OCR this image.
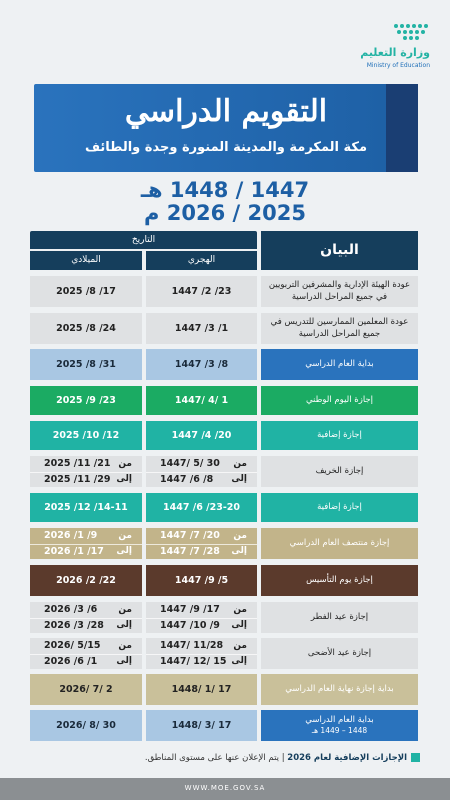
وزارة التعليم
Ministry of Education
التقويم الدراسي
مكة المكرمة والمدينة المنورة وجدة والطائف
1447 / 1448 هـ
2025 / 2026 م
التاريخ
الهجري
الميلادي
البيان
عودة الهيئة الإدارية والمشرفين التربويين في جميع المراحل الدراسية
1447 /2 /23
2025 /8 /17
عودة المعلمين الممارسين للتدريس في جميع المراحل الدراسية
1447 /3 /1
2025 /8 /24
بداية العام الدراسي
1447 /3 /8
2025 /8 /31
إجازة اليوم الوطني
1447/ 4/ 1
2025 /9 /23
إجازة إضافية
1447 /4 /20
2025 /10 /12
إجازة الخريف
من
1447/ 5/ 30
إلى
1447 /6 /8
من
2025 /11 /21
إلى
2025 /11 /29
إجازة إضافية
1447 /6 /23-20
2025 /12 /14-11
إجازة منتصف العام الدراسي
من
1447 /7 /20
إلى
1447 /7 /28
من
2026 /1 /9
إلى
2026 /1 /17
إجازة يوم التأسيس
1447 /9 /5
2026 /2 /22
إجازة عيد الفطر
من
1447 /9 /17
إلى
1447 /10 /9
من
2026 /3 /6
إلى
2026 /3 /28
إجازة عيد الأضحى
من
1447/ 11/28
إلى
1447/ 12/ 15
من
2026/ 5/15
إلى
2026 /6 /1
بداية إجازة نهاية العام الدراسي
1448/ 1/ 17
2026/ 7/ 2
بداية العام الدراسي
1448 – 1449 هـ
1448/ 3/ 17
2026/ 8/ 30
الإجازات الإضافية لعام 2026 | يتم الإعلان عنها على مستوى المناطق.
WWW.MOE.GOV.SA
